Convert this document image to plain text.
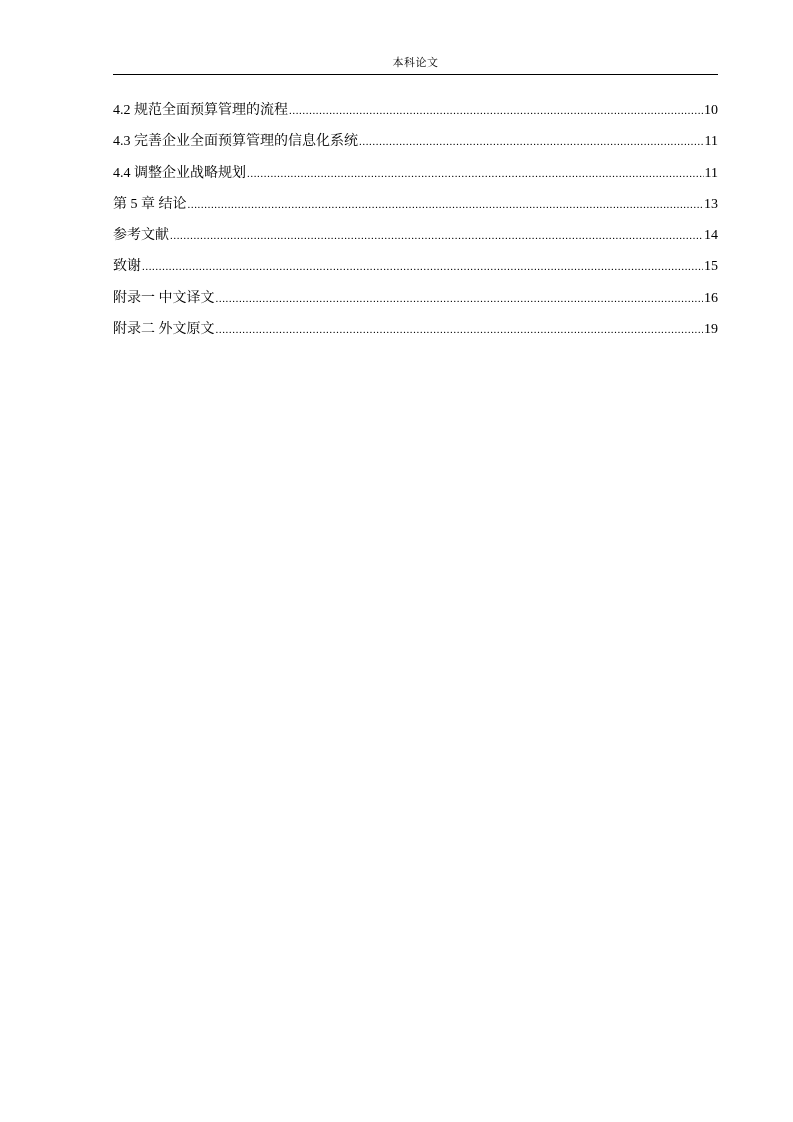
本科论文
4.2 规范全面预算管理的流程 .....	10
4.3 完善企业全面预算管理的信息化系统 .....	11
4.4 调整企业战略规划 .....	11
第 5 章 结论 .....	13
参考文献 .....	14
致谢 .....	15
附录一 中文译文 .....	16
附录二 外文原文 .....	19
